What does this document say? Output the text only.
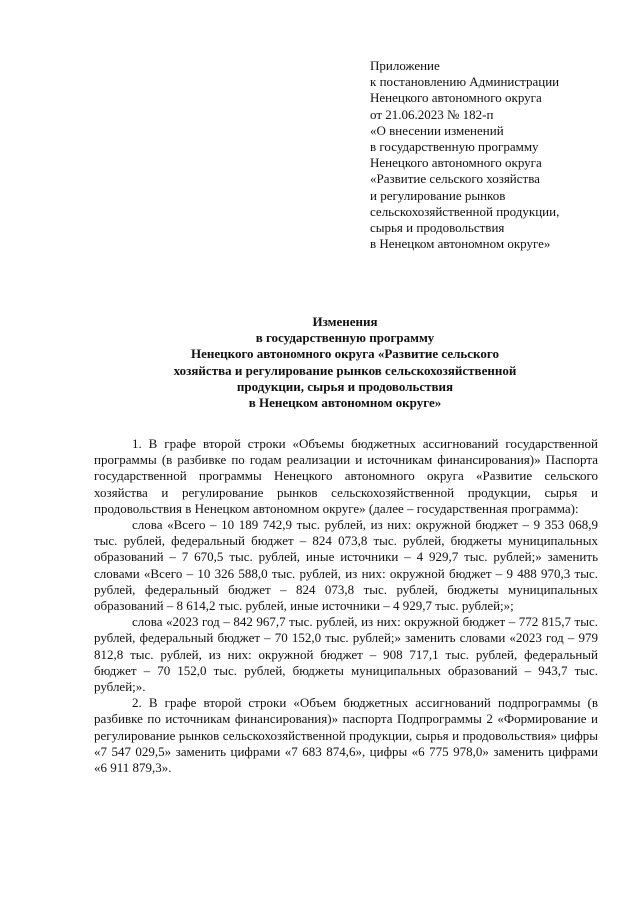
Приложение
к постановлению Администрации
Ненецкого автономного округа
от 21.06.2023 № 182-п
«О внесении изменений
в государственную программу
Ненецкого автономного округа
«Развитие сельского хозяйства
и регулирование рынков
сельскохозяйственной продукции,
сырья и продовольствия
в Ненецком автономном округе»
Изменения
в государственную программу
Ненецкого автономного округа «Развитие сельского
хозяйства и регулирование рынков сельскохозяйственной
продукции, сырья и продовольствия
в Ненецком автономном округе»

1. В графе второй строки «Объемы бюджетных ассигнований государственной программы (в разбивке по годам реализации и источникам финансирования)» Паспорта государственной программы Ненецкого автономного округа «Развитие сельского хозяйства и регулирование рынков сельскохозяйственной продукции, сырья и продовольствия в Ненецком автономном округе» (далее – государственная программа):

слова «Всего – 10 189 742,9 тыс. рублей, из них: окружной бюджет – 9 353 068,9 тыс. рублей, федеральный бюджет – 824 073,8 тыс. рублей, бюджеты муниципальных образований – 7 670,5 тыс. рублей, иные источники – 4 929,7 тыс. рублей;» заменить словами «Всего – 10 326 588,0 тыс. рублей, из них: окружной бюджет – 9 488 970,3 тыс. рублей, федеральный бюджет – 824 073,8 тыс. рублей, бюджеты муниципальных образований – 8 614,2 тыс. рублей, иные источники – 4 929,7 тыс. рублей;»;

слова «2023 год – 842 967,7 тыс. рублей, из них: окружной бюджет – 772 815,7 тыс. рублей, федеральный бюджет – 70 152,0 тыс. рублей;» заменить словами «2023 год – 979 812,8 тыс. рублей, из них: окружной бюджет – 908 717,1 тыс. рублей, федеральный бюджет – 70 152,0 тыс. рублей, бюджеты муниципальных образований – 943,7 тыс. рублей;».

2. В графе второй строки «Объем бюджетных ассигнований подпрограммы (в разбивке по источникам финансирования)» паспорта Подпрограммы 2 «Формирование и регулирование рынков сельскохозяйственной продукции, сырья и продовольствия» цифры «7 547 029,5» заменить цифрами «7 683 874,6», цифры «6 775 978,0» заменить цифрами «6 911 879,3».
